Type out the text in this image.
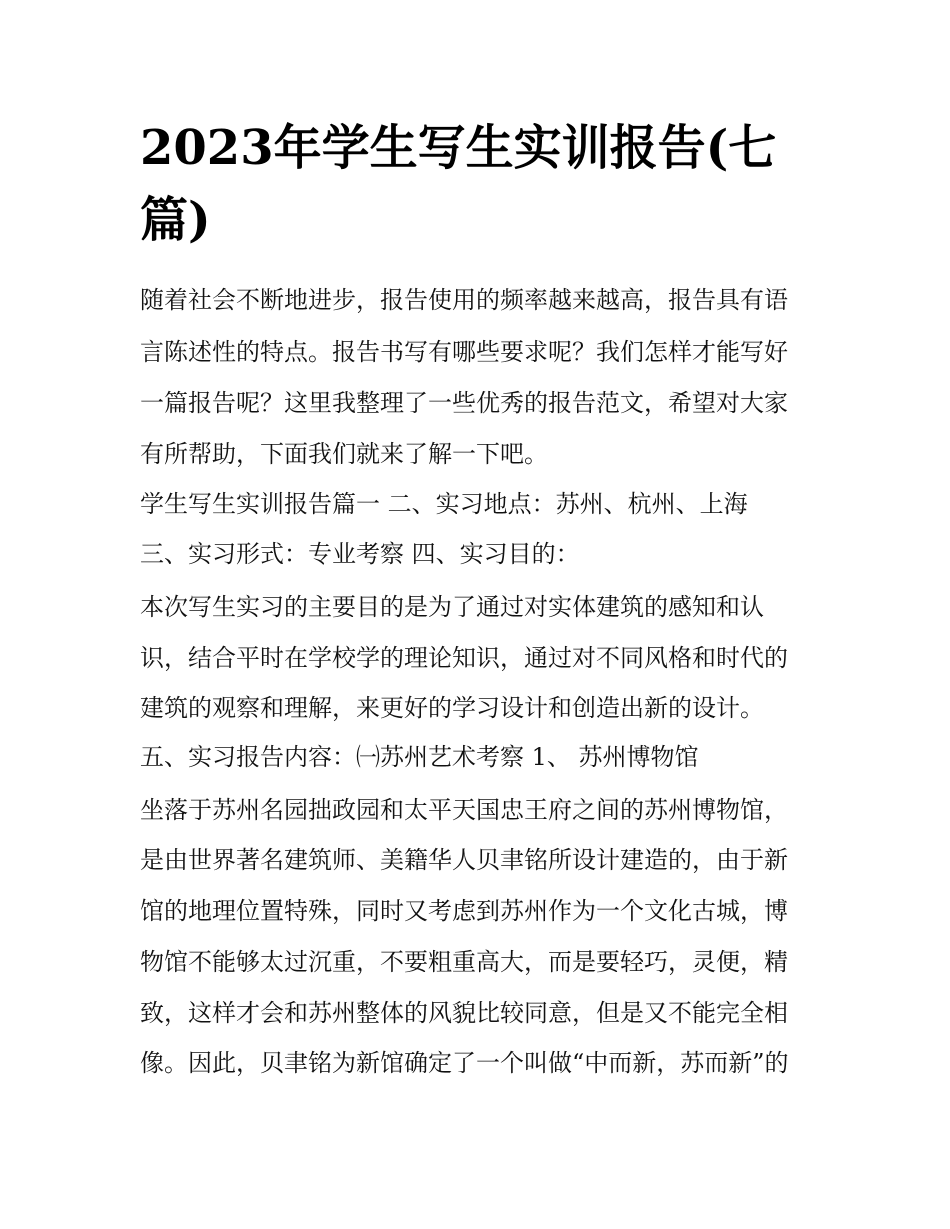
2023年学生写生实训报告(七
篇)

随着社会不断地进步，报告使用的频率越来越高，报告具有语

言陈述性的特点。报告书写有哪些要求呢？我们怎样才能写好

一篇报告呢？这里我整理了一些优秀的报告范文，希望对大家

有所帮助，下面我们就来了解一下吧。

学生写生实训报告篇一 二、实习地点：苏州、杭州、上海

三、实习形式：专业考察 四、实习目的：

本次写生实习的主要目的是为了通过对实体建筑的感知和认

识，结合平时在学校学的理论知识，通过对不同风格和时代的

建筑的观察和理解，来更好的学习设计和创造出新的设计。

五、实习报告内容：㈠苏州艺术考察 1、 苏州博物馆

坐落于苏州名园拙政园和太平天国忠王府之间的苏州博物馆，

是由世界著名建筑师、美籍华人贝聿铭所设计建造的，由于新

馆的地理位置特殊，同时又考虑到苏州作为一个文化古城，博

物馆不能够太过沉重，不要粗重高大，而是要轻巧，灵便，精

致，这样才会和苏州整体的风貌比较同意，但是又不能完全相

像。因此，贝聿铭为新馆确定了一个叫做“中而新，苏而新”的
